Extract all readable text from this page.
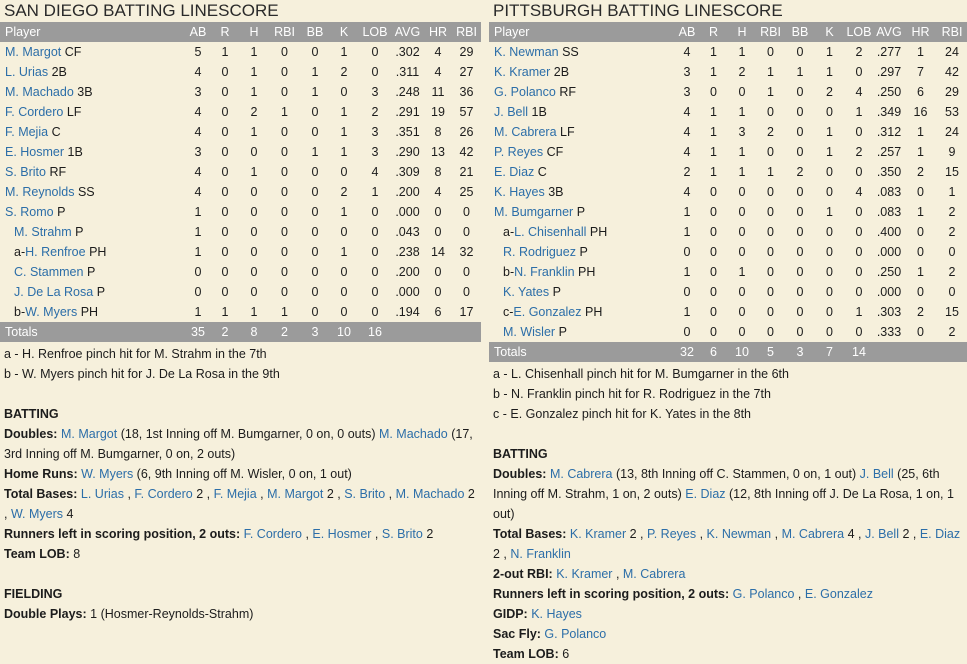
SAN DIEGO BATTING LINESCORE
Player	AB	R	H	RBI	BB	K	LOB	AVG	HR	RBI
M. Margot CF	5	1	1	0	0	1	0	.302	4	29
L. Urias 2B	4	0	1	0	1	2	0	.311	4	27
M. Machado 3B	3	0	1	0	1	0	3	.248	11	36
F. Cordero LF	4	0	2	1	0	1	2	.291	19	57
F. Mejia C	4	0	1	0	0	1	3	.351	8	26
E. Hosmer 1B	3	0	0	0	1	1	3	.290	13	42
S. Brito RF	4	0	1	0	0	0	4	.309	8	21
M. Reynolds SS	4	0	0	0	0	2	1	.200	4	25
S. Romo P	1	0	0	0	0	1	0	.000	0	0
M. Strahm P	1	0	0	0	0	0	0	.043	0	0
a-H. Renfroe PH	1	0	0	0	0	1	0	.238	14	32
C. Stammen P	0	0	0	0	0	0	0	.200	0	0
J. De La Rosa P	0	0	0	0	0	0	0	.000	0	0
b-W. Myers PH	1	1	1	1	0	0	0	.194	6	17
Totals	35	2	8	2	3	10	16			
a - H. Renfroe pinch hit for M. Strahm in the 7th
b - W. Myers pinch hit for J. De La Rosa in the 9th
BATTING
Doubles: M. Margot (18, 1st Inning off M. Bumgarner, 0 on, 0 outs) M. Machado (17, 3rd Inning off M. Bumgarner, 0 on, 2 outs)
Home Runs: W. Myers (6, 9th Inning off M. Wisler, 0 on, 1 out)
Total Bases: L. Urias , F. Cordero 2 , F. Mejia , M. Margot 2 , S. Brito , M. Machado 2 , W. Myers 4
Runners left in scoring position, 2 outs: F. Cordero , E. Hosmer , S. Brito 2
Team LOB: 8
FIELDING
Double Plays: 1 (Hosmer-Reynolds-Strahm)
PITTSBURGH BATTING LINESCORE
Player	AB	R	H	RBI	BB	K	LOB	AVG	HR	RBI
K. Newman SS	4	1	1	0	0	1	2	.277	1	24
K. Kramer 2B	3	1	2	1	1	1	0	.297	7	42
G. Polanco RF	3	0	0	1	0	2	4	.250	6	29
J. Bell 1B	4	1	1	0	0	0	1	.349	16	53
M. Cabrera LF	4	1	3	2	0	1	0	.312	1	24
P. Reyes CF	4	1	1	0	0	1	2	.257	1	9
E. Diaz C	2	1	1	1	2	0	0	.350	2	15
K. Hayes 3B	4	0	0	0	0	0	4	.083	0	1
M. Bumgarner P	1	0	0	0	0	1	0	.083	1	2
a-L. Chisenhall PH	1	0	0	0	0	0	0	.400	0	2
R. Rodriguez P	0	0	0	0	0	0	0	.000	0	0
b-N. Franklin PH	1	0	1	0	0	0	0	.250	1	2
K. Yates P	0	0	0	0	0	0	0	.000	0	0
c-E. Gonzalez PH	1	0	0	0	0	0	1	.303	2	15
M. Wisler P	0	0	0	0	0	0	0	.333	0	2
Totals	32	6	10	5	3	7	14			
a - L. Chisenhall pinch hit for M. Bumgarner in the 6th
b - N. Franklin pinch hit for R. Rodriguez in the 7th
c - E. Gonzalez pinch hit for K. Yates in the 8th
BATTING
Doubles: M. Cabrera (13, 8th Inning off C. Stammen, 0 on, 1 out) J. Bell (25, 6th Inning off M. Strahm, 1 on, 2 outs) E. Diaz (12, 8th Inning off J. De La Rosa, 1 on, 1 out)
Total Bases: K. Kramer 2 , P. Reyes , K. Newman , M. Cabrera 4 , J. Bell 2 , E. Diaz 2 , N. Franklin
2-out RBI: K. Kramer , M. Cabrera
Runners left in scoring position, 2 outs: G. Polanco , E. Gonzalez
GIDP: K. Hayes
Sac Fly: G. Polanco
Team LOB: 6
